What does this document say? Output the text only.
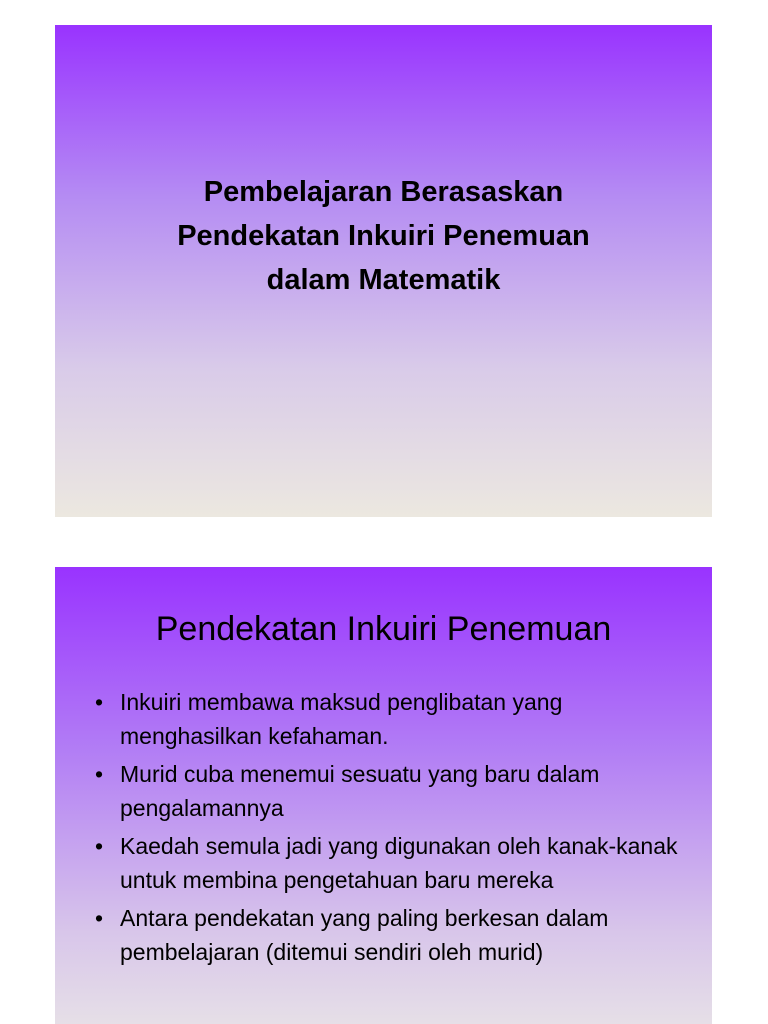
Pembelajaran Berasaskan
Pendekatan Inkuiri Penemuan
dalam Matematik
Pendekatan Inkuiri Penemuan
• Inkuiri membawa maksud penglibatan yang menghasilkan kefahaman.
• Murid cuba menemui sesuatu yang baru dalam pengalamannya
• Kaedah semula jadi yang digunakan oleh kanak-kanak untuk membina pengetahuan baru mereka
• Antara pendekatan yang paling berkesan dalam pembelajaran (ditemui sendiri oleh murid)
